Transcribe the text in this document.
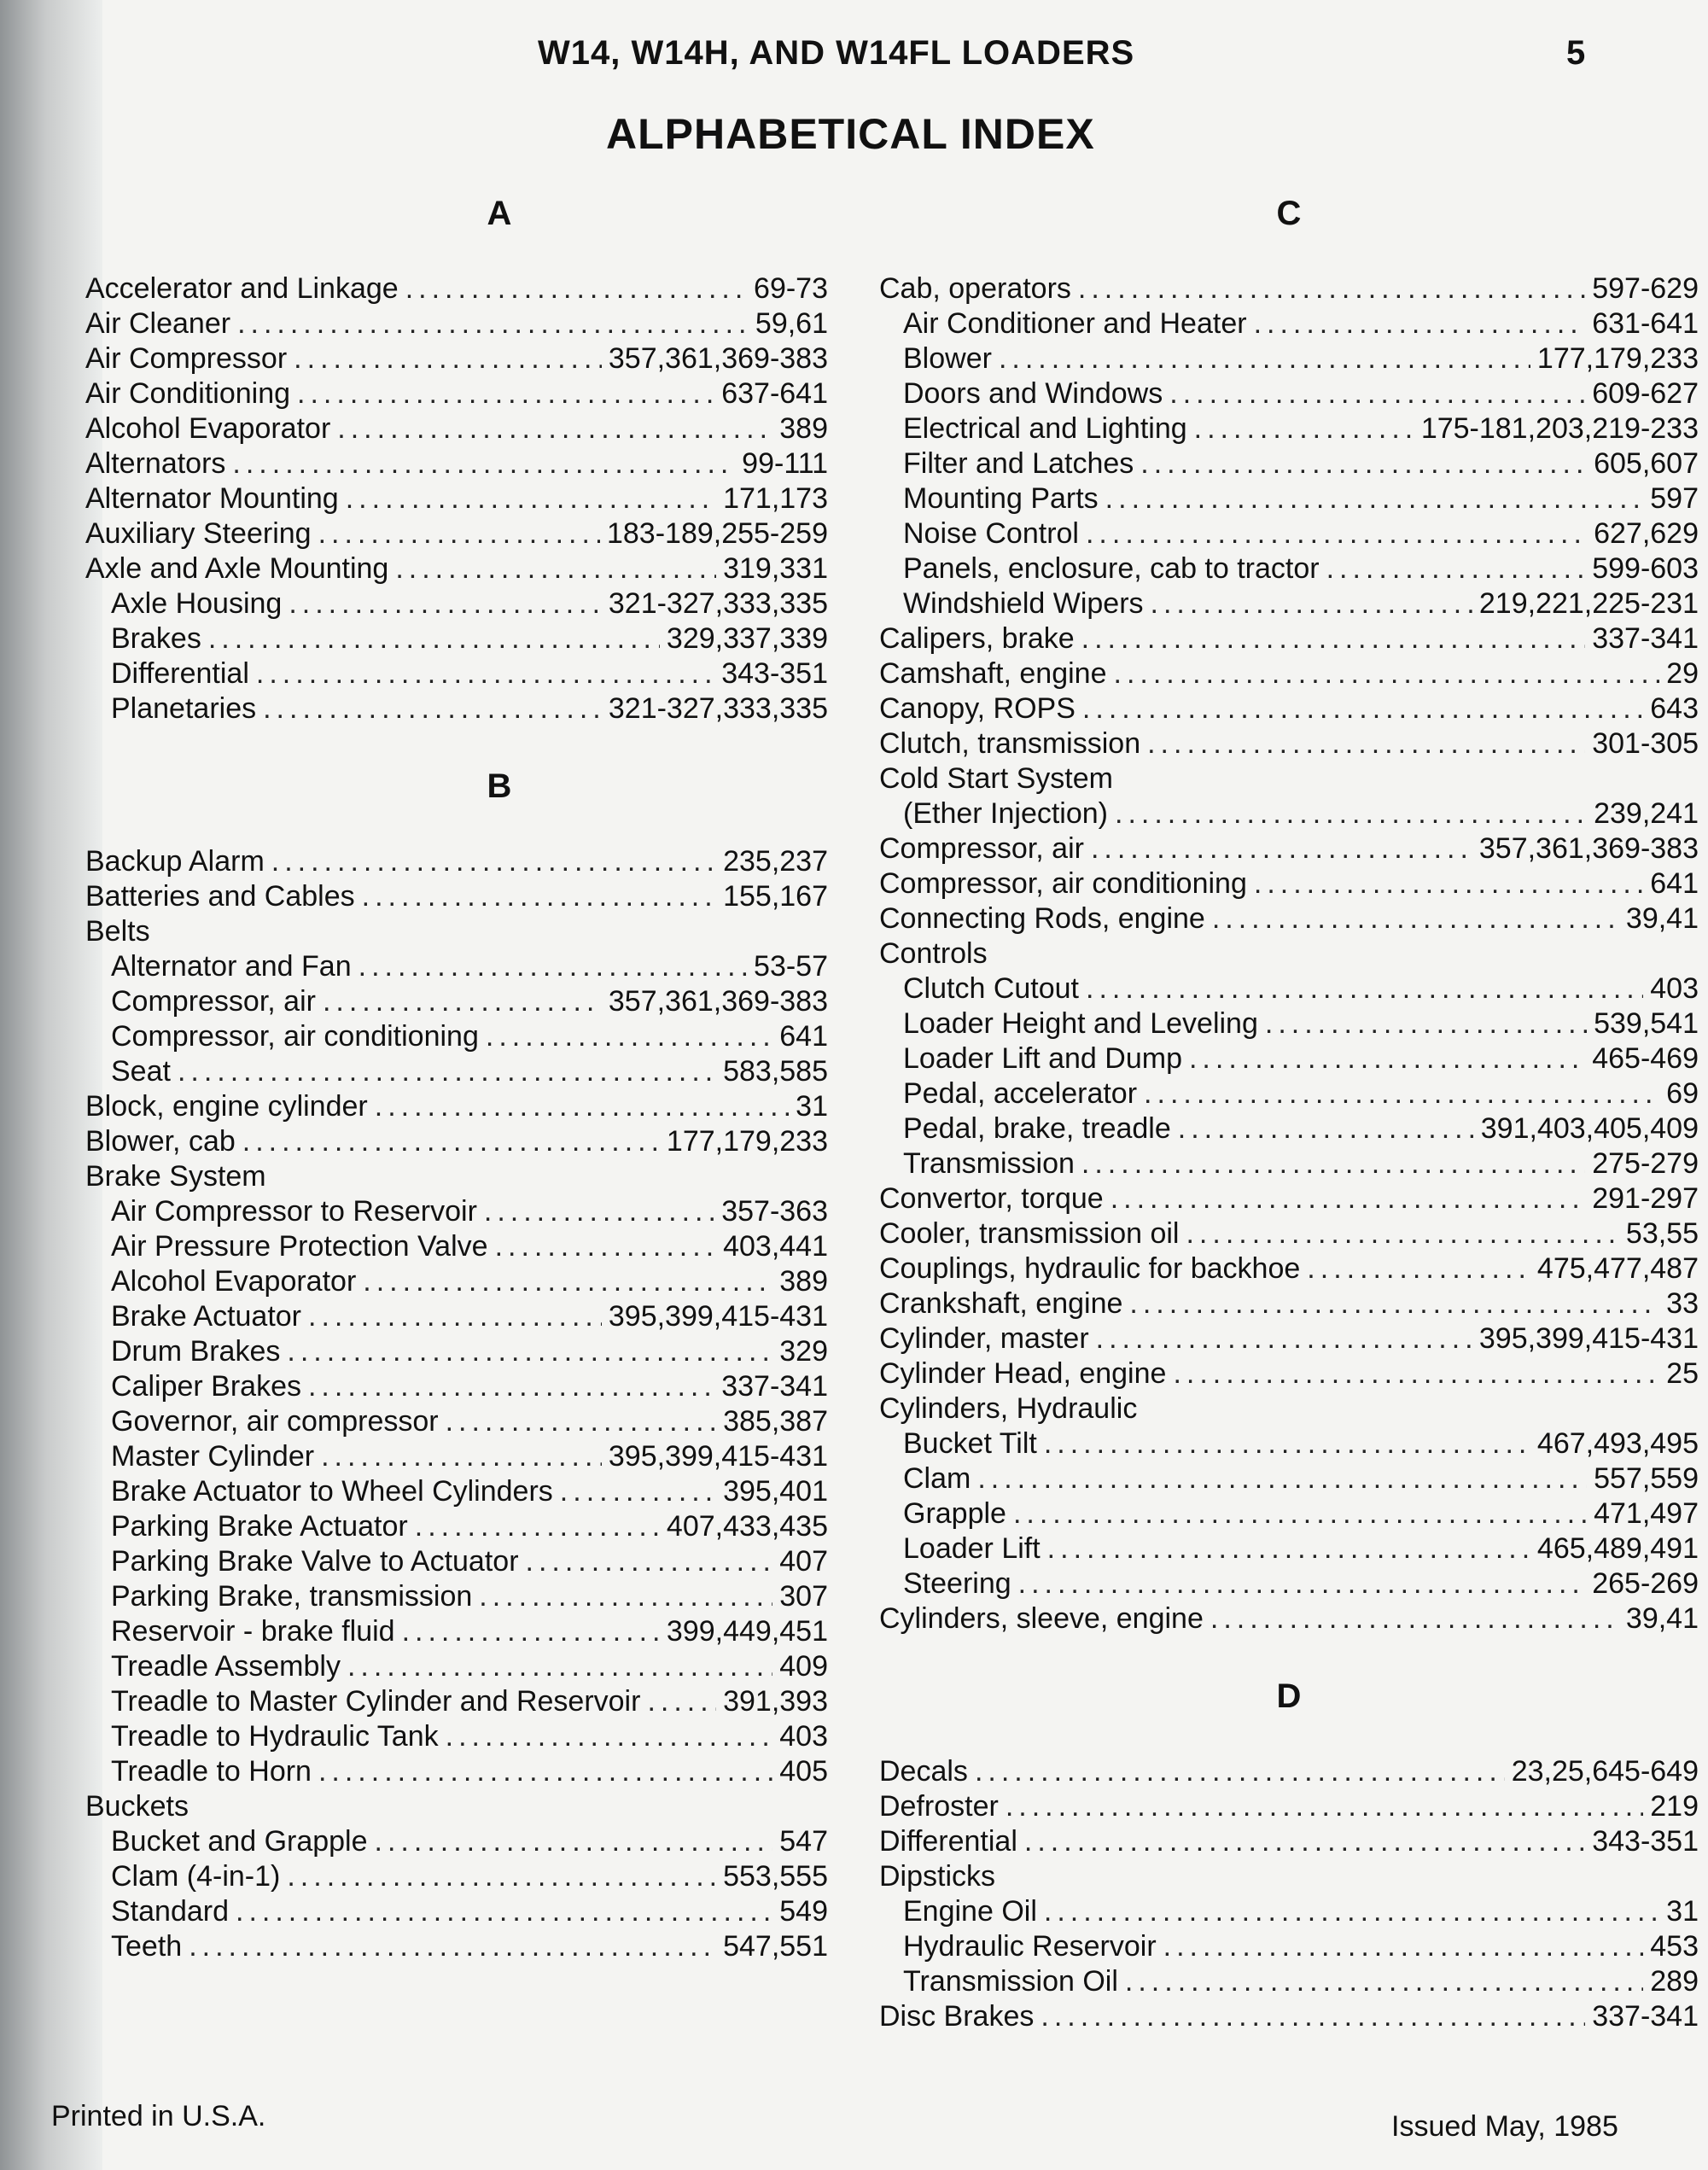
W14, W14H, AND W14FL LOADERS	5
ALPHABETICAL INDEX
A
Accelerator and Linkage .....	69-73
Air Cleaner .....	59,61
Air Compressor .....	357,361,369-383
Air Conditioning .....	637-641
Alcohol Evaporator .....	389
Alternators .....	99-111
Alternator Mounting .....	171,173
Auxiliary Steering .....	183-189,255-259
Axle and Axle Mounting .....	319,331
Axle Housing .....	321-327,333,335
Brakes .....	329,337,339
Differential .....	343-351
Planetaries .....	321-327,333,335
B
Backup Alarm .....	235,237
Batteries and Cables .....	155,167
Belts
Alternator and Fan .....	53-57
Compressor, air .....	357,361,369-383
Compressor, air conditioning .....	641
Seat .....	583,585
Block, engine cylinder .....	31
Blower, cab .....	177,179,233
Brake System
Air Compressor to Reservoir .....	357-363
Air Pressure Protection Valve .....	403,441
Alcohol Evaporator .....	389
Brake Actuator .....	395,399,415-431
Drum Brakes .....	329
Caliper Brakes .....	337-341
Governor, air compressor .....	385,387
Master Cylinder .....	395,399,415-431
Brake Actuator to Wheel Cylinders .....	395,401
Parking Brake Actuator .....	407,433,435
Parking Brake Valve to Actuator .....	407
Parking Brake, transmission .....	307
Reservoir - brake fluid .....	399,449,451
Treadle Assembly .....	409
Treadle to Master Cylinder and Reservoir .....	391,393
Treadle to Hydraulic Tank .....	403
Treadle to Horn .....	405
Buckets
Bucket and Grapple .....	547
Clam (4-in-1) .....	553,555
Standard .....	549
Teeth .....	547,551
C
Cab, operators .....	597-629
Air Conditioner and Heater .....	631-641
Blower .....	177,179,233
Doors and Windows .....	609-627
Electrical and Lighting .....	175-181,203,219-233
Filter and Latches .....	605,607
Mounting Parts .....	597
Noise Control .....	627,629
Panels, enclosure, cab to tractor .....	599-603
Windshield Wipers .....	219,221,225-231
Calipers, brake .....	337-341
Camshaft, engine .....	29
Canopy, ROPS .....	643
Clutch, transmission .....	301-305
Cold Start System
(Ether Injection) .....	239,241
Compressor, air .....	357,361,369-383
Compressor, air conditioning .....	641
Connecting Rods, engine .....	39,41
Controls
Clutch Cutout .....	403
Loader Height and Leveling .....	539,541
Loader Lift and Dump .....	465-469
Pedal, accelerator .....	69
Pedal, brake, treadle .....	391,403,405,409
Transmission .....	275-279
Convertor, torque .....	291-297
Cooler, transmission oil .....	53,55
Couplings, hydraulic for backhoe .....	475,477,487
Crankshaft, engine .....	33
Cylinder, master .....	395,399,415-431
Cylinder Head, engine .....	25
Cylinders, Hydraulic
Bucket Tilt .....	467,493,495
Clam .....	557,559
Grapple .....	471,497
Loader Lift .....	465,489,491
Steering .....	265-269
Cylinders, sleeve, engine .....	39,41
D
Decals .....	23,25,645-649
Defroster .....	219
Differential .....	343-351
Dipsticks
Engine Oil .....	31
Hydraulic Reservoir .....	453
Transmission Oil .....	289
Disc Brakes .....	337-341
Printed in U.S.A.	Issued May, 1985
